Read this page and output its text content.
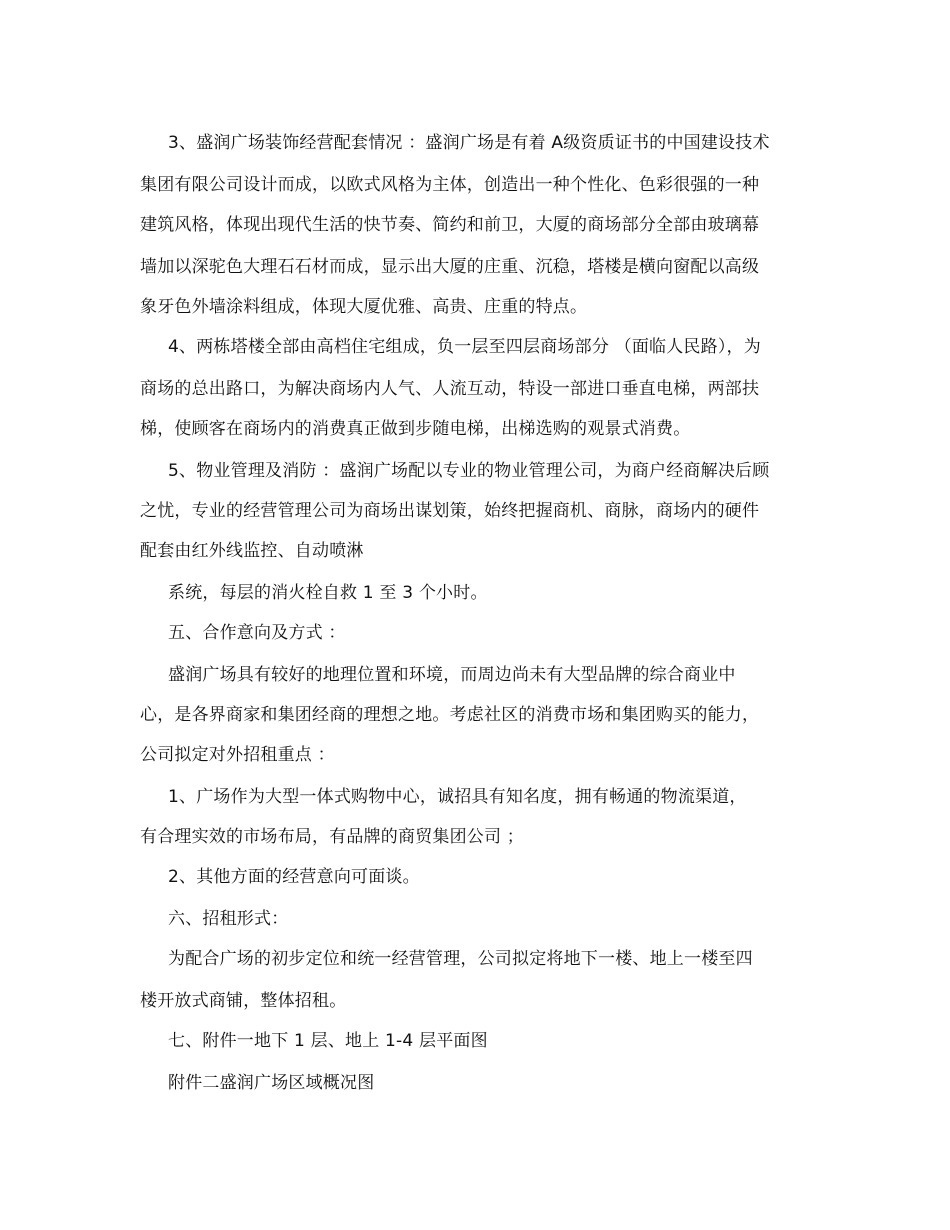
3、盛润广场装饰经营配套情况 ：盛润广场是有着 A级资质证书的中国建设技术
集团有限公司设计而成，以欧式风格为主体，创造出一种个性化、色彩很强的一种
建筑风格，体现出现代生活的快节奏、简约和前卫，大厦的商场部分全部由玻璃幕
墙加以深驼色大理石石材而成，显示出大厦的庄重、沉稳，塔楼是横向窗配以高级
象牙色外墙涂料组成，体现大厦优雅、高贵、庄重的特点。
4、两栋塔楼全部由高档住宅组成，负一层至四层商场部分 （面临人民路），为
商场的总出路口，为解决商场内人气、人流互动，特设一部进口垂直电梯，两部扶
梯，使顾客在商场内的消费真正做到步随电梯，出梯选购的观景式消费。
5、物业管理及消防 ：盛润广场配以专业的物业管理公司，为商户经商解决后顾
之忧，专业的经营管理公司为商场出谋划策，始终把握商机、商脉，商场内的硬件
配套由红外线监控、自动喷淋
系统，每层的消火栓自救 1 至 3 个小时。
五、合作意向及方式 ：
盛润广场具有较好的地理位置和环境，而周边尚未有大型品牌的综合商业中
心，是各界商家和集团经商的理想之地。考虑社区的消费市场和集团购买的能力，
公司拟定对外招租重点 ：
1、广场作为大型一体式购物中心，诚招具有知名度，拥有畅通的物流渠道，
有合理实效的市场布局，有品牌的商贸集团公司 ；
2、其他方面的经营意向可面谈。
六、招租形式：
为配合广场的初步定位和统一经营管理，公司拟定将地下一楼、地上一楼至四
楼开放式商铺，整体招租。
七、附件一地下 1 层、地上 1-4 层平面图
附件二盛润广场区域概况图
